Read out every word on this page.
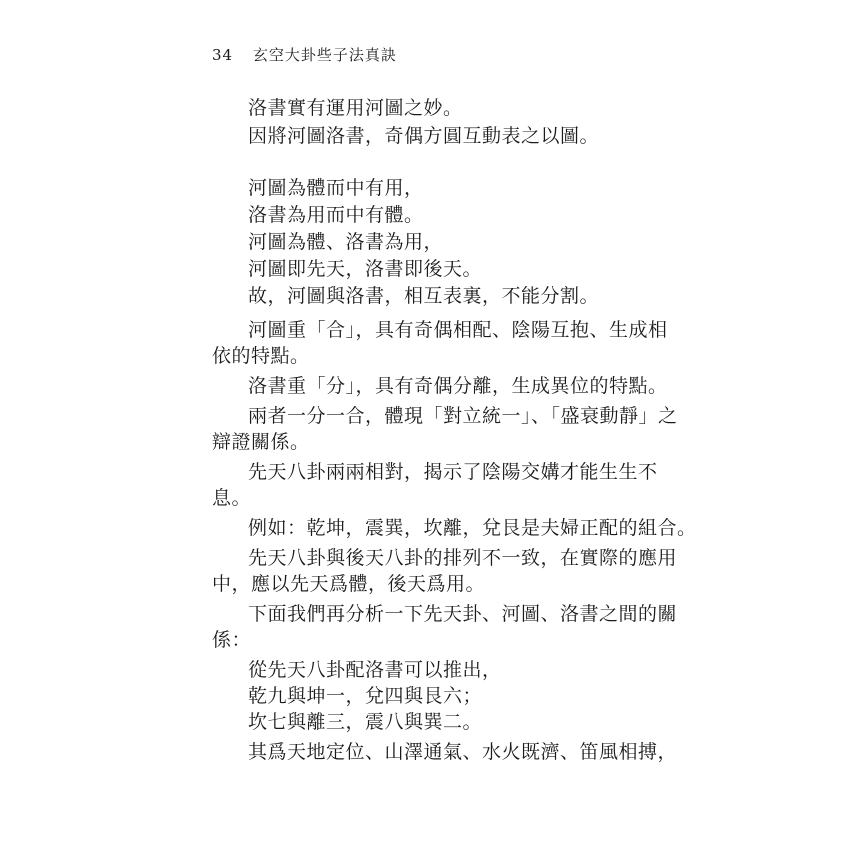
34 玄空大卦些子法真訣
洛書實有運用河圖之妙。
因將河圖洛書，奇偶方圓互動表之以圖。
河圖為體而中有用，
洛書為用而中有體。
河圖為體、洛書為用，
河圖即先天，洛書即後天。
故，河圖與洛書，相互表裏，不能分割。
河圖重「合」，具有奇偶相配、陰陽互抱、生成相
依的特點。
洛書重「分」，具有奇偶分離，生成異位的特點。
兩者一分一合，體現「對立統一」、「盛衰動靜」之
辯證關係。
先天八卦兩兩相對，揭示了陰陽交媾才能生生不
息。
例如：乾坤，震巽，坎離，兌艮是夫婦正配的組合。
先天八卦與後天八卦的排列不一致，在實際的應用
中，應以先天爲體，後天爲用。
下面我們再分析一下先天卦、河圖、洛書之間的關
係：
從先天八卦配洛書可以推出，
乾九與坤一，兌四與艮六；
坎七與離三，震八與巽二。
其爲天地定位、山澤通氣、水火既濟、笛風相搏，
